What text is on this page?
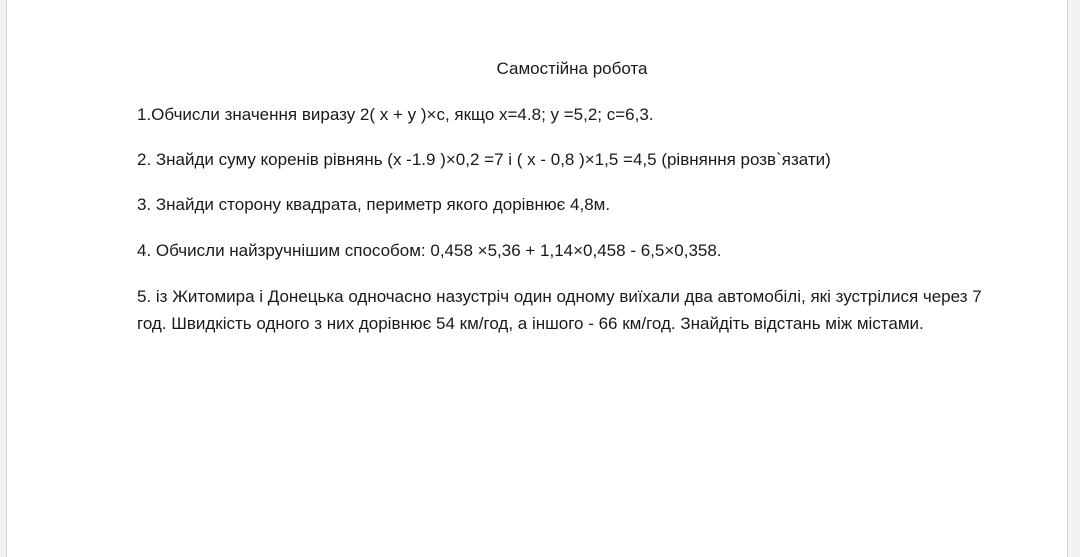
Самостійна робота

1.Обчисли значення виразу 2( x + y )×c, якщо x=4.8; y =5,2; c=6,3.

2. Знайди суму коренів рівнянь (x -1.9 )×0,2 =7 і ( x - 0,8 )×1,5 =4,5 (рівняння розв`язати)

3. Знайди сторону квадрата, периметр якого дорівнює 4,8м.

4. Обчисли найзручнішим способом: 0,458 ×5,36 + 1,14×0,458 - 6,5×0,358.

5. із Житомира і Донецька одночасно назустріч один одному виїхали два автомобілі, які зустрілися через 7 год. Швидкість одного з них дорівнює 54 км/год, а іншого - 66 км/год. Знайдіть відстань між містами.
